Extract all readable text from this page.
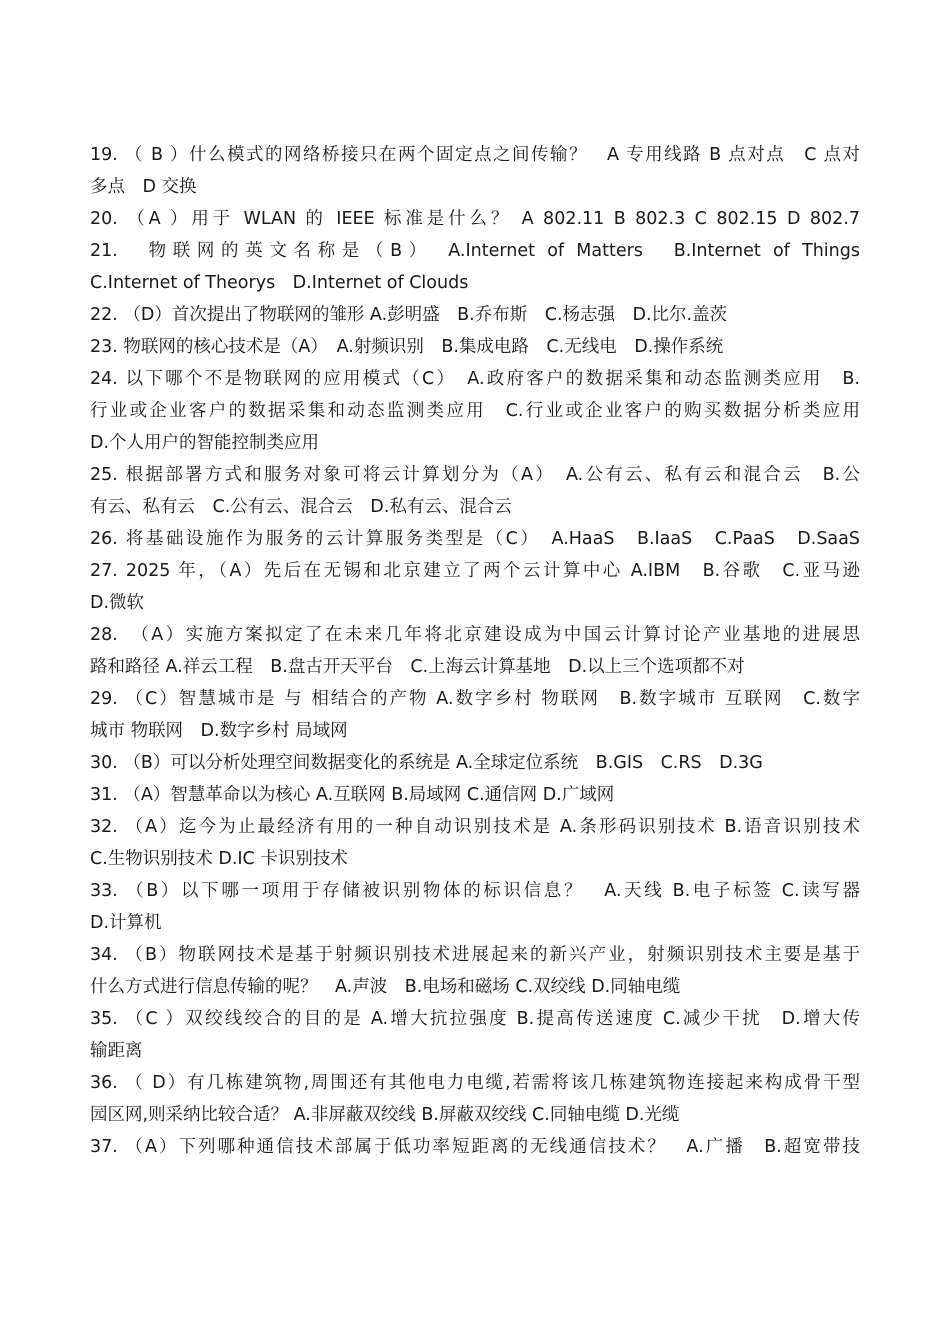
19. （ B ）什么模式的网络桥接只在两个固定点之间传输？　A 专用线路 B 点对点　C 点对
多点　D 交换
20. （A ）用于 WLAN 的 IEEE 标准是什么？ A 802.11 B 802.3 C 802.15 D 802.7
21.　物联网的英文名称是（B）　A.Internet of Matters　B.Internet of Things
C.Internet of Theorys　D.Internet of Clouds
22. （D）首次提出了物联网的雏形 A.彭明盛　B.乔布斯　C.杨志强　D.比尔.盖茨
23. 物联网的核心技术是（A）　A.射频识别　B.集成电路　C.无线电　D.操作系统
24. 以下哪个不是物联网的应用模式（C）　A.政府客户的数据采集和动态监测类应用　B.
行业或企业客户的数据采集和动态监测类应用　C.行业或企业客户的购买数据分析类应用
D.个人用户的智能控制类应用
25. 根据部署方式和服务对象可将云计算划分为（A）　A.公有云、私有云和混合云　B.公
有云、私有云　C.公有云、混合云　D.私有云、混合云
26. 将基础设施作为服务的云计算服务类型是（C）　A.HaaS　B.IaaS　C.PaaS　D.SaaS
27. 2025 年，（A）先后在无锡和北京建立了两个云计算中心 A.IBM　B.谷歌　C.亚马逊
D.微软
28.　（A）实施方案拟定了在未来几年将北京建设成为中国云计算讨论产业基地的进展思
路和路径 A.祥云工程　B.盘古开天平台　C.上海云计算基地　D.以上三个选项都不对
29. （C）智慧城市是 与 相结合的产物 A.数字乡村 物联网　B.数字城市 互联网　C.数字
城市 物联网　D.数字乡村 局域网
30. （B）可以分析处理空间数据变化的系统是 A.全球定位系统　B.GIS　C.RS　D.3G
31. （A）智慧革命以为核心 A.互联网 B.局域网 C.通信网 D.广域网
32. （A）迄今为止最经济有用的一种自动识别技术是 A.条形码识别技术 B.语音识别技术
C.生物识别技术 D.IC 卡识别技术
33. （B）以下哪一项用于存储被识别物体的标识信息？　A.天线 B.电子标签 C.读写器
D.计算机
34. （B）物联网技术是基于射频识别技术进展起来的新兴产业，射频识别技术主要是基于
什么方式进行信息传输的呢？　A.声波　B.电场和磁场 C.双绞线 D.同轴电缆
35. （C ）双绞线绞合的目的是 A.增大抗拉强度 B.提高传送速度 C.减少干扰　D.增大传
输距离
36. （ D）有几栋建筑物,周围还有其他电力电缆,若需将该几栋建筑物连接起来构成骨干型
园区网,则采纳比较合适？ A.非屏蔽双绞线 B.屏蔽双绞线 C.同轴电缆 D.光缆
37. （A）下列哪种通信技术部属于低功率短距离的无线通信技术？　A.广播　B.超宽带技
